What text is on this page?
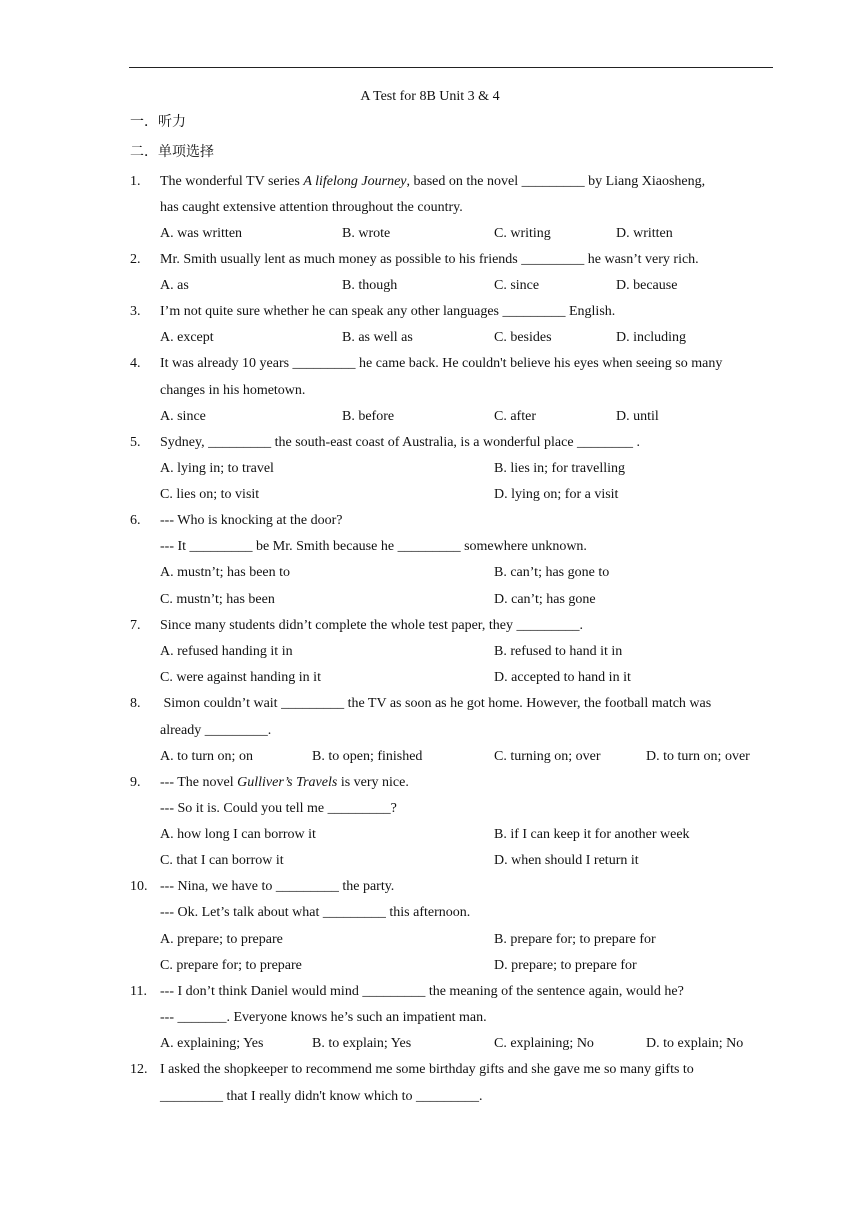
A Test for 8B Unit 3 & 4
一．听力
二．单项选择
1. The wonderful TV series A lifelong Journey, based on the novel _________ by Liang Xiaosheng,
has caught extensive attention throughout the country.
A. was written	B. wrote	C. writing	D. written
2. Mr. Smith usually lent as much money as possible to his friends _________ he wasn’t very rich.
A. as	B. though	C. since	D. because
3. I’m not quite sure whether he can speak any other languages _________ English.
A. except	B. as well as	C. besides	D. including
4. It was already 10 years _________ he came back. He couldn't believe his eyes when seeing so many
changes in his hometown.
A. since	B. before	C. after	D. until
5. Sydney, _________ the south-east coast of Australia, is a wonderful place ________ .
A. lying in; to travel	B. lies in; for travelling
C. lies on; to visit	D. lying on; for a visit
6. --- Who is knocking at the door?
--- It _________ be Mr. Smith because he _________ somewhere unknown.
A. mustn’t; has been to	B. can’t; has gone to
C. mustn’t; has been	D. can’t; has gone
7. Since many students didn’t complete the whole test paper, they _________.
A. refused handing it in	B. refused to hand it in
C. were against handing in it	D. accepted to hand in it
8. Simon couldn’t wait _________ the TV as soon as he got home. However, the football match was
already _________.
A. to turn on; on	B. to open; finished	C. turning on; over	D. to turn on; over
9. --- The novel Gulliver’s Travels is very nice.
--- So it is. Could you tell me _________?
A. how long I can borrow it	B. if I can keep it for another week
C. that I can borrow it	D. when should I return it
10. --- Nina, we have to _________ the party.
--- Ok. Let’s talk about what _________ this afternoon.
A. prepare; to prepare	B. prepare for; to prepare for
C. prepare for; to prepare	D. prepare; to prepare for
11. --- I don’t think Daniel would mind _________ the meaning of the sentence again, would he?
--- _______. Everyone knows he’s such an impatient man.
A. explaining; Yes	B. to explain; Yes	C. explaining; No	D. to explain; No
12. I asked the shopkeeper to recommend me some birthday gifts and she gave me so many gifts to
_________ that I really didn't know which to _________.
